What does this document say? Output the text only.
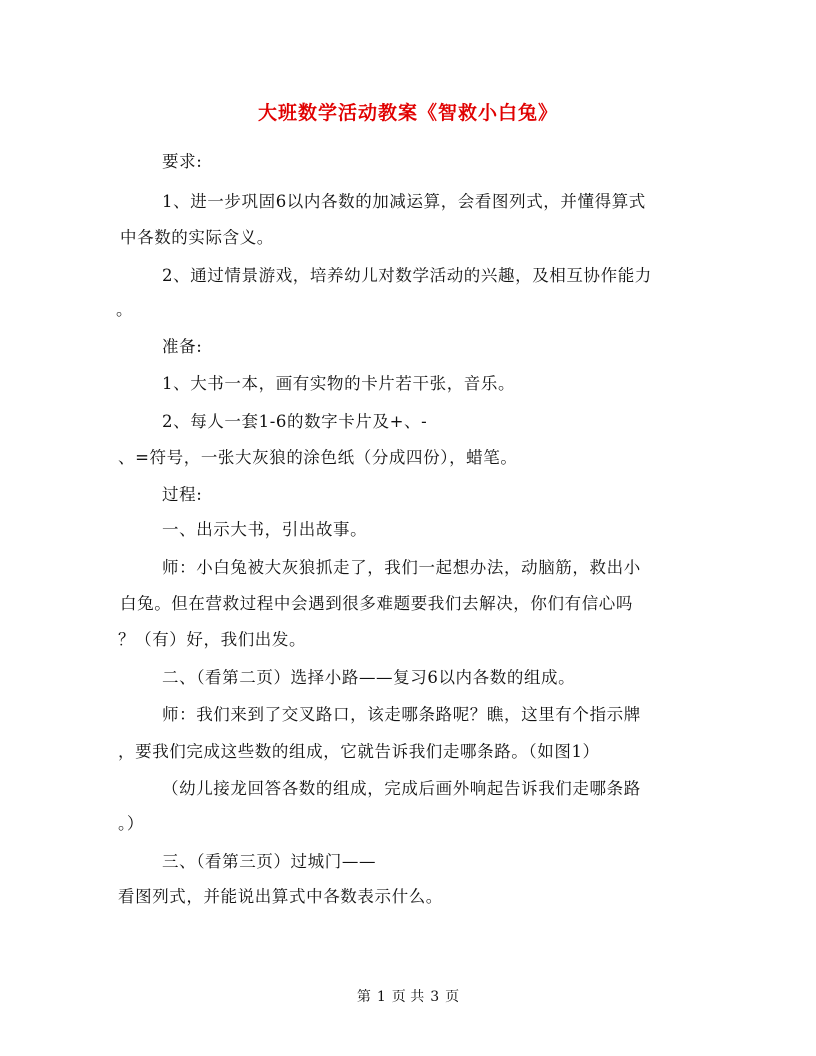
大班数学活动教案《智救小白兔》
要求:
1、进一步巩固6以内各数的加减运算，会看图列式，并懂得算式
中各数的实际含义。
2、通过情景游戏，培养幼儿对数学活动的兴趣，及相互协作能力
。
准备:
1、大书一本，画有实物的卡片若干张，音乐。
2、每人一套1-6的数字卡片及+、-
、=符号，一张大灰狼的涂色纸（分成四份），蜡笔。
过程:
一、出示大书，引出故事。
师：小白兔被大灰狼抓走了，我们一起想办法，动脑筋，救出小
白兔。但在营救过程中会遇到很多难题要我们去解决，你们有信心吗
？（有）好，我们出发。
二、（看第二页）选择小路——复习6以内各数的组成。
师：我们来到了交叉路口，该走哪条路呢？瞧，这里有个指示牌
，要我们完成这些数的组成，它就告诉我们走哪条路。（如图1）
（幼儿接龙回答各数的组成，完成后画外响起告诉我们走哪条路
。）
三、（看第三页）过城门——
看图列式，并能说出算式中各数表示什么。
第 1 页 共 3 页
